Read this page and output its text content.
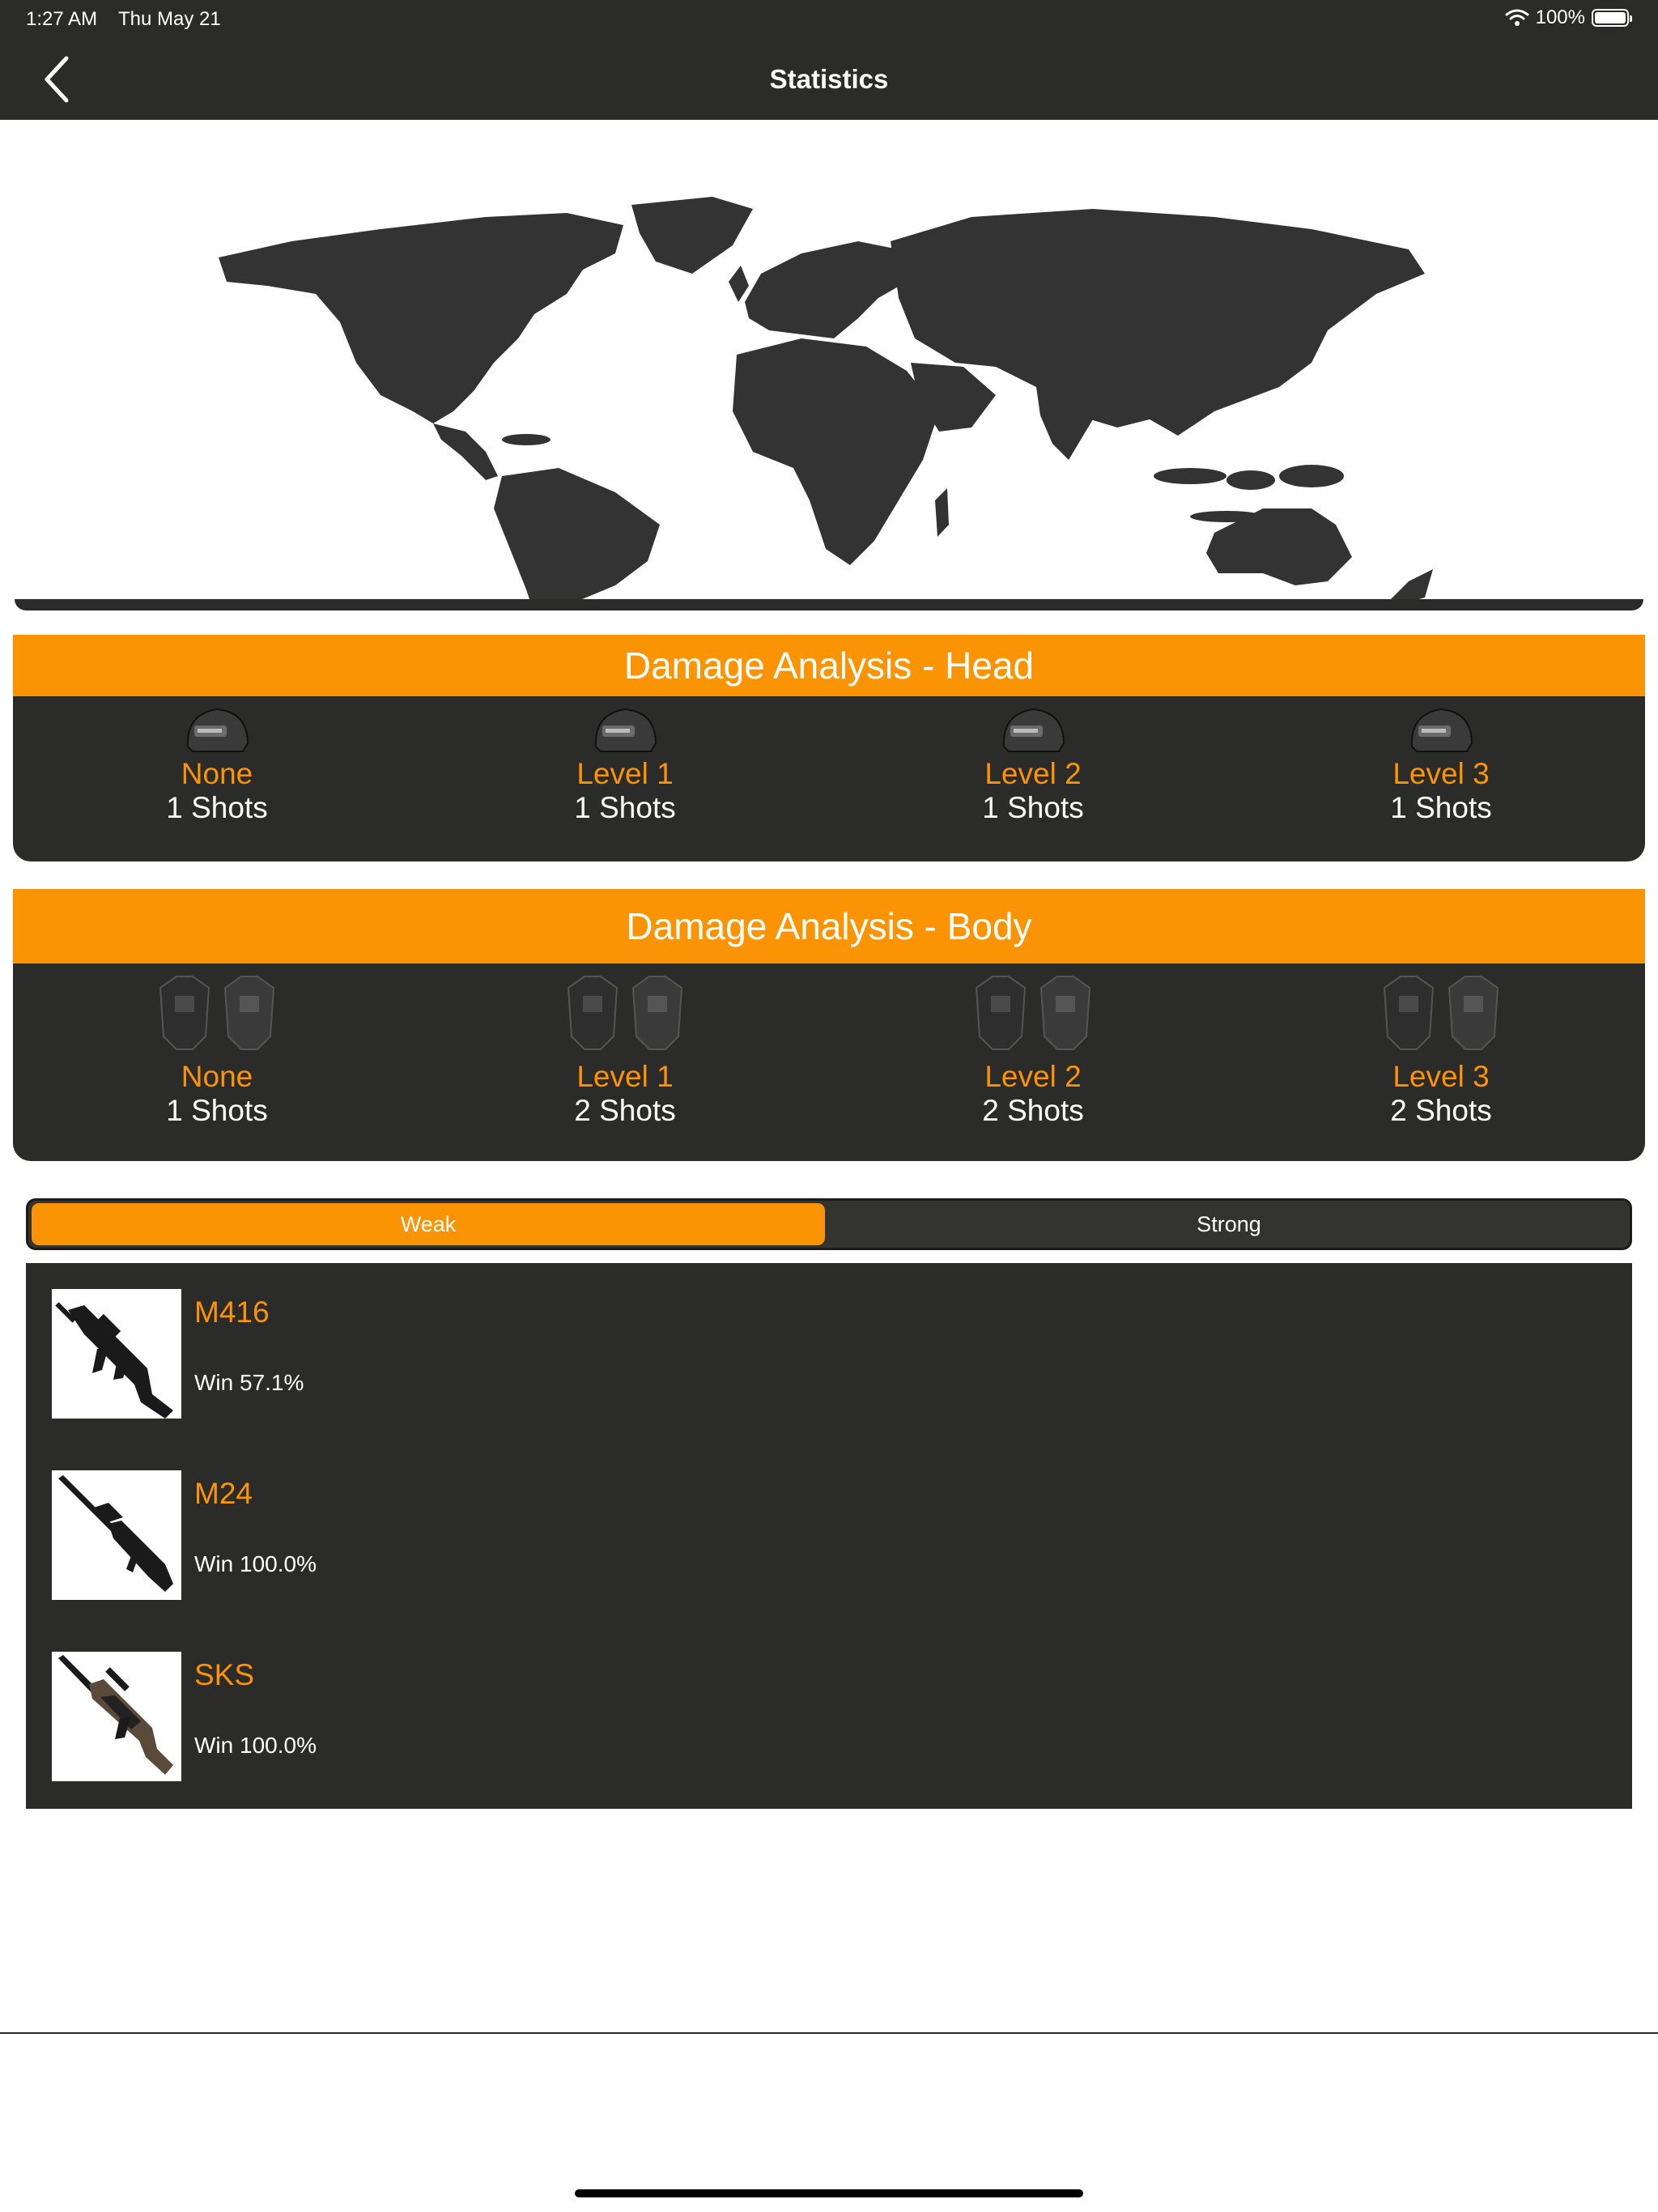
1:27 AM Thu May 21	100%
Statistics
Damage Analysis - Head
None
1 Shots
Level 1
1 Shots
Level 2
1 Shots
Level 3
1 Shots
Damage Analysis - Body
None
1 Shots
Level 1
2 Shots
Level 2
2 Shots
Level 3
2 Shots
Weak	Strong
M416
Win 57.1%
M24
Win 100.0%
SKS
Win 100.0%
